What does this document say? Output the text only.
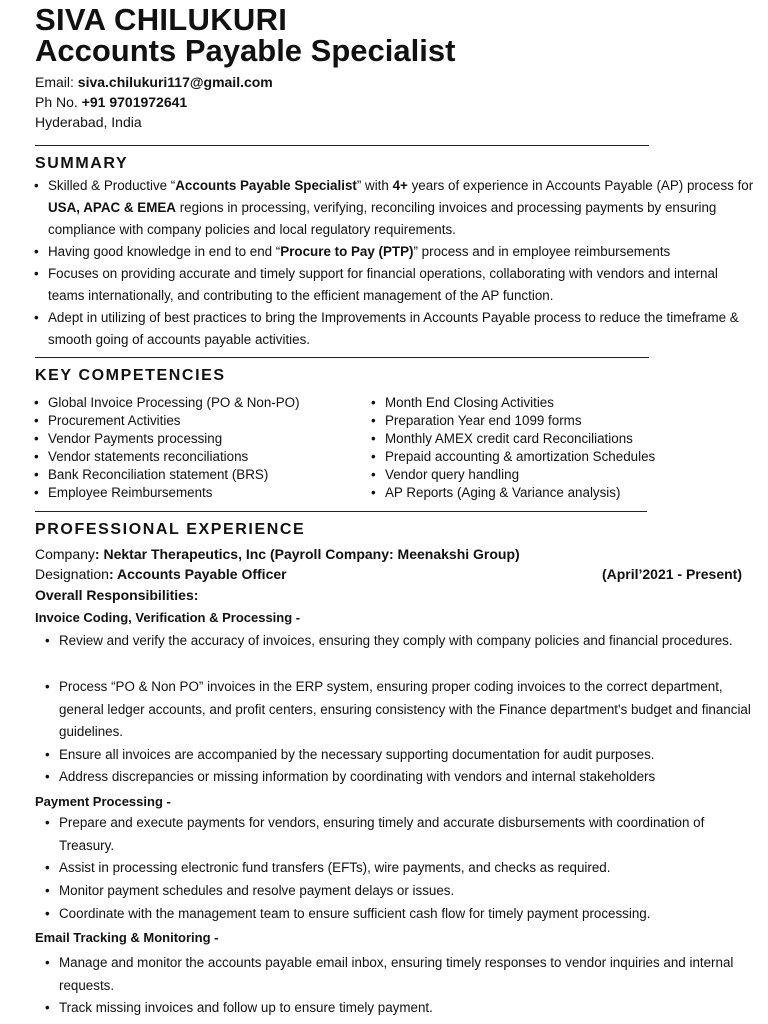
SIVA CHILUKURI
Accounts Payable Specialist
Email: siva.chilukuri117@gmail.com
Ph No. +91 9701972641
Hyderabad, India
SUMMARY
• Skilled & Productive “Accounts Payable Specialist” with 4+ years of experience in Accounts Payable (AP) process for USA, APAC & EMEA regions in processing, verifying, reconciling invoices and processing payments by ensuring compliance with company policies and local regulatory requirements.
• Having good knowledge in end to end “Procure to Pay (PTP)” process and in employee reimbursements
• Focuses on providing accurate and timely support for financial operations, collaborating with vendors and internal teams internationally, and contributing to the efficient management of the AP function.
• Adept in utilizing of best practices to bring the Improvements in Accounts Payable process to reduce the timeframe & smooth going of accounts payable activities.
KEY COMPETENCIES
• Global Invoice Processing (PO & Non-PO)
• Procurement Activities
• Vendor Payments processing
• Vendor statements reconciliations
• Bank Reconciliation statement (BRS)
• Employee Reimbursements
• Month End Closing Activities
• Preparation Year end 1099 forms
• Monthly AMEX credit card Reconciliations
• Prepaid accounting & amortization Schedules
• Vendor query handling
• AP Reports (Aging & Variance analysis)
PROFESSIONAL EXPERIENCE
Company: Nektar Therapeutics, Inc (Payroll Company: Meenakshi Group)
Designation: Accounts Payable Officer	(April’2021 - Present)
Overall Responsibilities:
Invoice Coding, Verification & Processing -
• Review and verify the accuracy of invoices, ensuring they comply with company policies and financial procedures.
• Process “PO & Non PO” invoices in the ERP system, ensuring proper coding invoices to the correct department, general ledger accounts, and profit centers, ensuring consistency with the Finance department's budget and financial guidelines.
• Ensure all invoices are accompanied by the necessary supporting documentation for audit purposes.
• Address discrepancies or missing information by coordinating with vendors and internal stakeholders
Payment Processing -
• Prepare and execute payments for vendors, ensuring timely and accurate disbursements with coordination of Treasury.
• Assist in processing electronic fund transfers (EFTs), wire payments, and checks as required.
• Monitor payment schedules and resolve payment delays or issues.
• Coordinate with the management team to ensure sufficient cash flow for timely payment processing.
Email Tracking & Monitoring -
• Manage and monitor the accounts payable email inbox, ensuring timely responses to vendor inquiries and internal requests.
• Track missing invoices and follow up to ensure timely payment.
